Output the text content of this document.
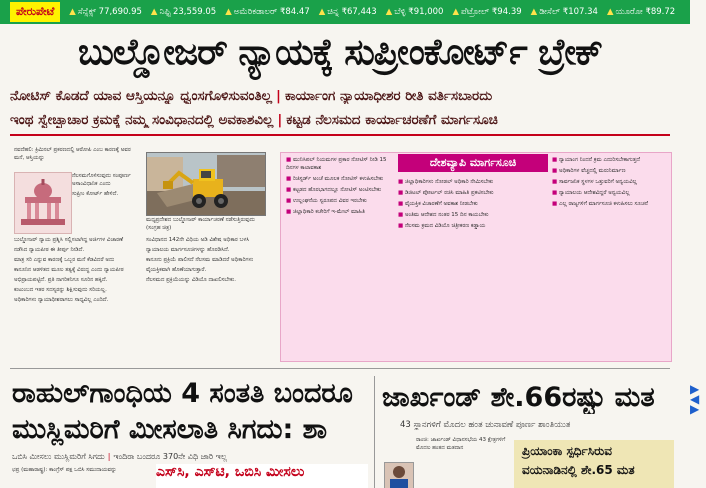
ಪೇರುಪೇಟೆ	▲ ಸೆನ್ಸೆಕ್ಸ್ 77,690.95 ▲ ನಿಫ್ಟಿ 23,559.05 ▲ ಅಮೆರಿಕಡಾಲರ್ ₹84.47 ▲ ಚಿನ್ನ ₹67,443 ▲ ಬೆಳ್ಳಿ ₹91,000 ▲ ಪೆಟ್ರೋಲ್ ₹94.39 ▲ ಡೀಸೆಲ್ ₹107.34 ▲ ಯೂರೋ ₹89.72
ಬುಲ್ಡೋಜರ್ ನ್ಯಾಯಕ್ಕೆ ಸುಪ್ರೀಂಕೋರ್ಟ್ ಬ್ರೇಕ್
ನೋಟಿಸ್ ಕೊಡದೆ ಯಾವ ಆಸ್ತಿಯನ್ನೂ ಧ್ವಂಸಗೊಳಿಸುವಂತಿಲ್ಲ | ಕಾರ್ಯಾಂಗ ನ್ಯಾಯಾಧೀಶರ ರೀತಿ ವರ್ತಿಸಬಾರದು
ಇಂಥ ಸ್ವೇಚ್ಛಾಚಾರ ಕ್ರಮಕ್ಕೆ ನಮ್ಮ ಸಂವಿಧಾನದಲ್ಲಿ ಅವಕಾಶವಿಲ್ಲ | ಕಟ್ಟಡ ನೆಲಸಮದ ಕಾರ್ಯಾಚರಣೆಗೆ ಮಾರ್ಗಸೂಚಿ

ನವದೆಹಲಿ: ಕ್ರಿಮಿನಲ್ ಪ್ರಕರಣದಲ್ಲಿ ಆರೋಪಿ ಎಂಬ ಕಾರಣಕ್ಕೆ ಅವರ ಮನೆ, ಆಸ್ತಿಯನ್ನು

ನೆಲಸಮಗೊಳಿಸುವುದು ಸಂಪೂರ್ಣ ಅಸಾಂವಿಧಾನಿಕ ಎಂದು

ಸುಪ್ರೀಂ ಕೋರ್ಟ್ ಹೇಳಿದೆ.

ಬುಲ್ಡೋಜರ್ ನ್ಯಾಯ ಪ್ರಶ್ನಿಸಿ ಸಲ್ಲಿಸಲಾಗಿದ್ದ ಅರ್ಜಿಗಳ ವಿಚಾರಣೆ

ನಡೆಸಿದ ನ್ಯಾಯಪೀಠ ಈ ತೀರ್ಪು ನೀಡಿದೆ.

ಮಾತ್ರ ಸರಿ ಎನ್ನುವ ಕಾರಣಕ್ಕೆ ಒಬ್ಬರ ಮನೆ ಕೆಡವಿದರೆ ಅದು

ಕಾನೂನಿನ ಆಡಳಿತದ ಮೂಲ ತತ್ವಕ್ಕೆ ವಿರುದ್ಧ ಎಂದು ನ್ಯಾಯಪೀಠ

ಅಭಿಪ್ರಾಯಪಟ್ಟಿದೆ. ಪ್ರತಿ ನಾಗರಿಕನಿಗೂ ಸೂರಿನ ಹಕ್ಕಿದೆ.

ಕುಟುಂಬದ ಇತರ ಸದಸ್ಯರನ್ನು ಶಿಕ್ಷಿಸುವುದು ಸರಿಯಲ್ಲ.

ಅಧಿಕಾರಿಗಳು ನ್ಯಾಯಾಧೀಶರಾಗಲು ಸಾಧ್ಯವಿಲ್ಲ ಎಂದಿದೆ.

ಮಧ್ಯಪ್ರದೇಶದ ಬುಲ್ಡೋಜರ್ ಕಾರ್ಯಾಚರಣೆ ನಡೆಸುತ್ತಿರುವುದು (ಸಂಗ್ರಹ ಚಿತ್ರ)

ಸಂವಿಧಾನದ 142ನೇ ವಿಧಿಯ ಅಡಿ ವಿಶೇಷ ಅಧಿಕಾರ ಬಳಸಿ

ನ್ಯಾಯಾಲಯ ಮಾರ್ಗಸೂಚಿಗಳನ್ನು ಹೊರಡಿಸಿದೆ.

ಕಾನೂನು ಪ್ರಕ್ರಿಯೆ ಪಾಲಿಸದೆ ನೆಲಸಮ ಮಾಡಿದರೆ ಅಧಿಕಾರಿಗಳು

ವೈಯಕ್ತಿಕವಾಗಿ ಹೊಣೆಯಾಗುತ್ತಾರೆ.

ನೆಲಸಮದ ಪ್ರಕ್ರಿಯೆಯನ್ನು ವಿಡಿಯೊ ದಾಖಲಿಸಬೇಕು.

ದೇಶವ್ಯಾಪಿ ಮಾರ್ಗಸೂಚಿ
■ ಮುನಿಸಿಪಲ್ ನಿಯಮಗಳ ಪ್ರಕಾರ ನೋಟಿಸ್ ನೀಡಿ 15 ದಿನಗಳ ಕಾಲಾವಕಾಶ
■ ರಿಜಿಸ್ಟರ್ಡ್ ಅಂಚೆ ಮೂಲಕ ನೋಟಿಸ್ ಕಳುಹಿಸಬೇಕು
■ ಕಟ್ಟಡದ ಹೊರಭಾಗದಲ್ಲೂ ನೋಟಿಸ್ ಅಂಟಿಸಬೇಕು
■ ಉಲ್ಲಂಘನೆಯ ಸ್ವರೂಪದ ವಿವರ ಇರಬೇಕು
■ ಜಿಲ್ಲಾಧಿಕಾರಿ ಕಚೇರಿಗೆ ಇ-ಮೇಲ್ ಮಾಹಿತಿ
■ ಜಿಲ್ಲಾಧಿಕಾರಿಗಳು ನೋಡಲ್ ಅಧಿಕಾರಿ ನೇಮಿಸಬೇಕು
■ ಡಿಜಿಟಲ್ ಪೋರ್ಟಲ್ ರಚಿಸಿ ಮಾಹಿತಿ ಪ್ರಕಟಿಸಬೇಕು
■ ವೈಯಕ್ತಿಕ ವಿಚಾರಣೆಗೆ ಅವಕಾಶ ನೀಡಬೇಕು
■ ಅಂತಿಮ ಆದೇಶದ ನಂತರ 15 ದಿನ ಕಾಯಬೇಕು
■ ನೆಲಸಮ ಕ್ರಮದ ವಿಡಿಯೊ ಚಿತ್ರೀಕರಣ ಕಡ್ಡಾಯ
■ ನ್ಯಾಯಾಂಗ ನಿಂದನೆ ಕ್ರಮ ಎದುರಿಸಬೇಕಾಗುತ್ತದೆ
■ ಅಧಿಕಾರಿಗಳ ವೆಚ್ಚದಲ್ಲಿ ಮರುನಿರ್ಮಾಣ
■ ಸಾರ್ವಜನಿಕ ಸ್ಥಳಗಳ ಒತ್ತುವರಿಗೆ ಅನ್ವಯವಿಲ್ಲ
■ ನ್ಯಾಯಾಲಯ ಆದೇಶವಿದ್ದರೆ ಅನ್ವಯವಿಲ್ಲ
■ ಎಲ್ಲ ರಾಜ್ಯಗಳಿಗೆ ಮಾರ್ಗಸೂಚಿ ಕಳುಹಿಸಲು ಸೂಚನೆ
ರಾಹುಲ್‌ಗಾಂಧಿಯ 4 ಸಂತತಿ ಬಂದರೂ
ಮುಸ್ಲಿಮರಿಗೆ ಮೀಸಲಾತಿ ಸಿಗದು: ಶಾ
ಒಬಿಸಿ ಮೀಸಲು ಮುಸ್ಲಿಮರಿಗೆ ಸಿಗದು | ಇಂದಿರಾ ಬಂದರೂ 370ನೇ ವಿಧಿ ಜಾರಿ ಇಲ್ಲ
ಛಪ್ರ (ಮಹಾರಾಷ್ಟ್ರ): ಕಾಂಗ್ರೆಸ್ ಪಕ್ಷ ಒಬಿಸಿ ಸಮುದಾಯವನ್ನು	ಎಸ್‌ಸಿ, ಎಸ್‌ಟಿ, ಒಬಿಸಿ ಮೀಸಲು
ಜಾರ್ಖಂಡ್ ಶೇ.66ರಷ್ಟು ಮತ
43 ಸ್ಥಾನಗಳಿಗೆ ಮೊದಲ ಹಂತ ಚುನಾವಣೆ ಪೂರ್ಣ ಶಾಂತಿಯುತ
ರಾಂಚಿ: ಜಾರ್ಖಂಡ್ ವಿಧಾನಸಭೆಯ 43 ಕ್ಷೇತ್ರಗಳಿಗೆ ಮೊದಲ ಹಂತದ ಮತದಾನ	ಪ್ರಿಯಾಂಕಾ ಸ್ಪರ್ಧಿಸಿರುವ
ವಯನಾಡಿನಲ್ಲಿ ಶೇ.65 ಮತ
▶
◀
▶
